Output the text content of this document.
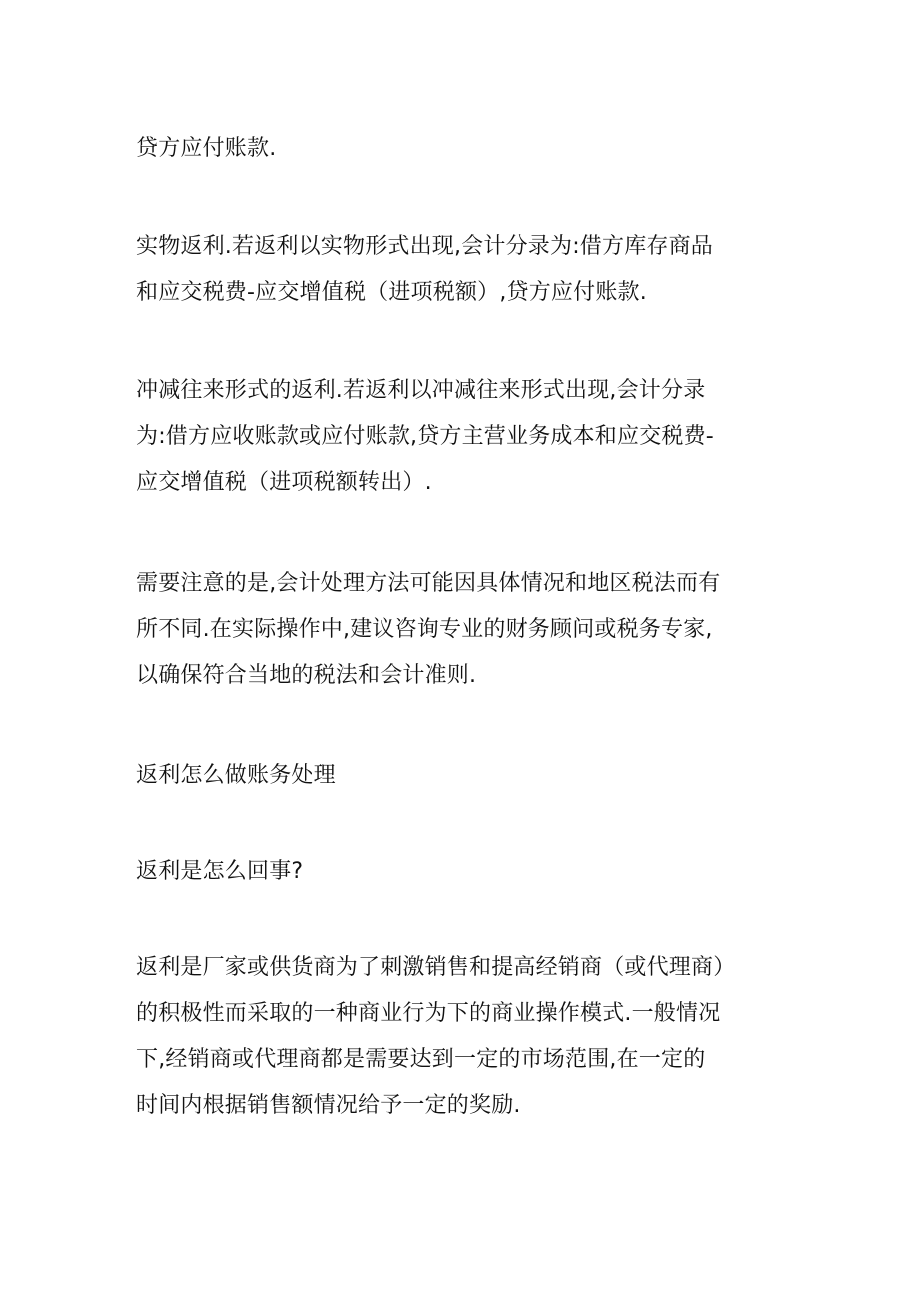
贷方应付账款.

实物返利.若返利以实物形式出现,会计分录为:借方库存商品
和应交税费-应交增值税（进项税额）,贷方应付账款.

冲减往来形式的返利.若返利以冲减往来形式出现,会计分录
为:借方应收账款或应付账款,贷方主营业务成本和应交税费-
应交增值税（进项税额转出）.

需要注意的是,会计处理方法可能因具体情况和地区税法而有
所不同.在实际操作中,建议咨询专业的财务顾问或税务专家,
以确保符合当地的税法和会计准则.

返利怎么做账务处理

返利是怎么回事?

返利是厂家或供货商为了刺激销售和提高经销商（或代理商）
的积极性而采取的一种商业行为下的商业操作模式.一般情况
下,经销商或代理商都是需要达到一定的市场范围,在一定的
时间内根据销售额情况给予一定的奖励.
